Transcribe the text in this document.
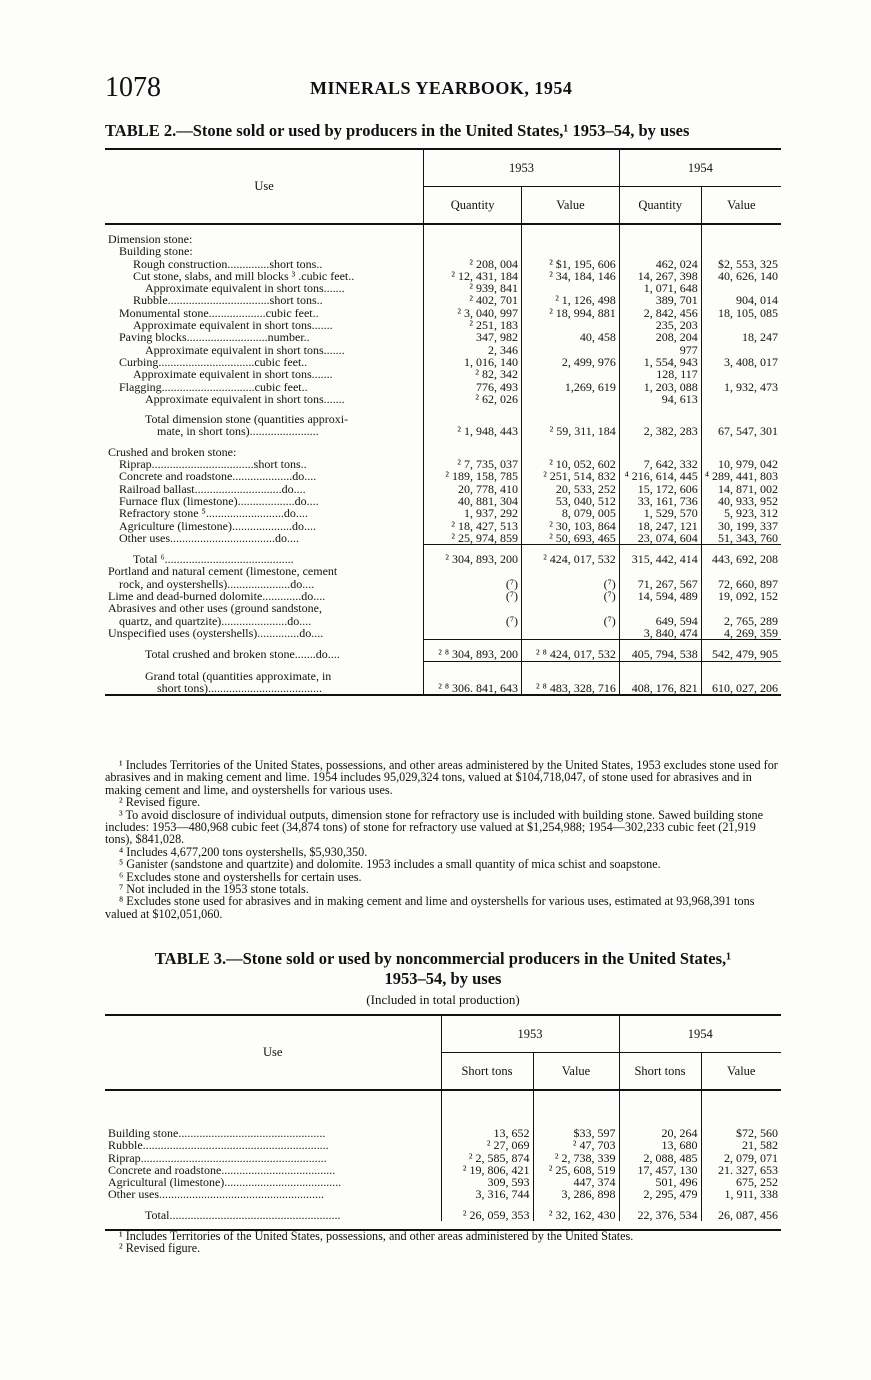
1078	MINERALS YEARBOOK, 1954
TABLE 2.—Stone sold or used by producers in the United States,¹ 1953–54, by uses
Use	1953		1954	
	Quantity	Value	Quantity	Value

Dimension stone:				
Building stone:				
Rough construction..............short tons..	² 208, 004	² $1, 195, 606	462, 024	$2, 553, 325
Cut stone, slabs, and mill blocks ³ .cubic feet..	² 12, 431, 184	² 34, 184, 146	14, 267, 398	40, 626, 140
Approximate equivalent in short tons.......	² 939, 841		1, 071, 648	
Rubble..................................short tons..	² 402, 701	² 1, 126, 498	389, 701	904, 014
Monumental stone...................cubic feet..	² 3, 040, 997	² 18, 994, 881	2, 842, 456	18, 105, 085
Approximate equivalent in short tons.......	² 251, 183		235, 203	
Paving blocks...........................number..	347, 982	40, 458	208, 204	18, 247
Approximate equivalent in short tons.......	2, 346		977	
Curbing................................cubic feet..	1, 016, 140	2, 499, 976	1, 554, 943	3, 408, 017
Approximate equivalent in short tons.......	² 82, 342		128, 117	
Flagging...............................cubic feet..	776, 493	1,269, 619	1, 203, 088	1, 932, 473
Approximate equivalent in short tons.......	² 62, 026		94, 613	

Total dimension stone (quantities approxi-				
mate, in short tons).......................	² 1, 948, 443	² 59, 311, 184	2, 382, 283	67, 547, 301

Crushed and broken stone:				
Riprap..................................short tons..	² 7, 735, 037	² 10, 052, 602	7, 642, 332	10, 979, 042
Concrete and roadstone....................do....	² 189, 158, 785	² 251, 514, 832	⁴ 216, 614, 445	⁴ 289, 441, 803
Railroad ballast.............................do....	20, 778, 410	20, 533, 252	15, 172, 606	14, 871, 002
Furnace flux (limestone)...................do....	40, 881, 304	53, 040, 512	33, 161, 736	40, 933, 952
Refractory stone ⁵..........................do....	1, 937, 292	8, 079, 005	1, 529, 570	5, 923, 312
Agriculture (limestone)....................do....	² 18, 427, 513	² 30, 103, 864	18, 247, 121	30, 199, 337
Other uses...................................do....	² 25, 974, 859	² 50, 693, 465	23, 074, 604	51, 343, 760

Total ⁶...........................................	² 304, 893, 200	² 424, 017, 532	315, 442, 414	443, 692, 208
Portland and natural cement (limestone, cement				
rock, and oystershells).....................do....	(⁷)	(⁷)	71, 267, 567	72, 660, 897
Lime and dead-burned dolomite.............do....	(⁷)	(⁷)	14, 594, 489	19, 092, 152
Abrasives and other uses (ground sandstone,				
quartz, and quartzite)......................do....	(⁷)	(⁷)	649, 594	2, 765, 289
Unspecified uses (oystershells)..............do....			3, 840, 474	4, 269, 359

Total crushed and broken stone.......do....	² ⁸ 304, 893, 200	² ⁸ 424, 017, 532	405, 794, 538	542, 479, 905

Grand total (quantities approximate, in				
short tons)......................................	² ⁸ 306. 841, 643	² ⁸ 483, 328, 716	408, 176, 821	610, 027, 206

¹ Includes Territories of the United States, possessions, and other areas administered by the United States, 1953 excludes stone used for abrasives and in making cement and lime. 1954 includes 95,029,324 tons, valued at $104,718,047, of stone used for abrasives and in making cement and lime, and oystershells for various uses.

² Revised figure.

³ To avoid disclosure of individual outputs, dimension stone for refractory use is included with building stone. Sawed building stone includes: 1953—480,968 cubic feet (34,874 tons) of stone for refractory use valued at $1,254,988; 1954—302,233 cubic feet (21,919 tons), $841,028.

⁴ Includes 4,677,200 tons oystershells, $5,930,350.

⁵ Ganister (sandstone and quartzite) and dolomite. 1953 includes a small quantity of mica schist and soapstone.

⁶ Excludes stone and oystershells for certain uses.

⁷ Not included in the 1953 stone totals.

⁸ Excludes stone used for abrasives and in making cement and lime and oystershells for various uses, estimated at 93,968,391 tons valued at $102,051,060.

TABLE 3.—Stone sold or used by noncommercial producers in the United States,¹
1953–54, by uses
(Included in total production)
Use	1953		1954	
	Short tons	Value	Short tons	Value

Building stone.................................................	13, 652	$33, 597	20, 264	$72, 560
Rubble..............................................................	² 27, 069	² 47, 703	13, 680	21, 582
Riprap..............................................................	² 2, 585, 874	² 2, 738, 339	2, 088, 485	2, 079, 071
Concrete and roadstone......................................	² 19, 806, 421	² 25, 608, 519	17, 457, 130	21. 327, 653
Agricultural (limestone).......................................	309, 593	447, 374	501, 496	675, 252
Other uses.......................................................	3, 316, 744	3, 286, 898	2, 295, 479	1, 911, 338

Total.........................................................	² 26, 059, 353	² 32, 162, 430	22, 376, 534	26, 087, 456

¹ Includes Territories of the United States, possessions, and other areas administered by the United States.

² Revised figure.
